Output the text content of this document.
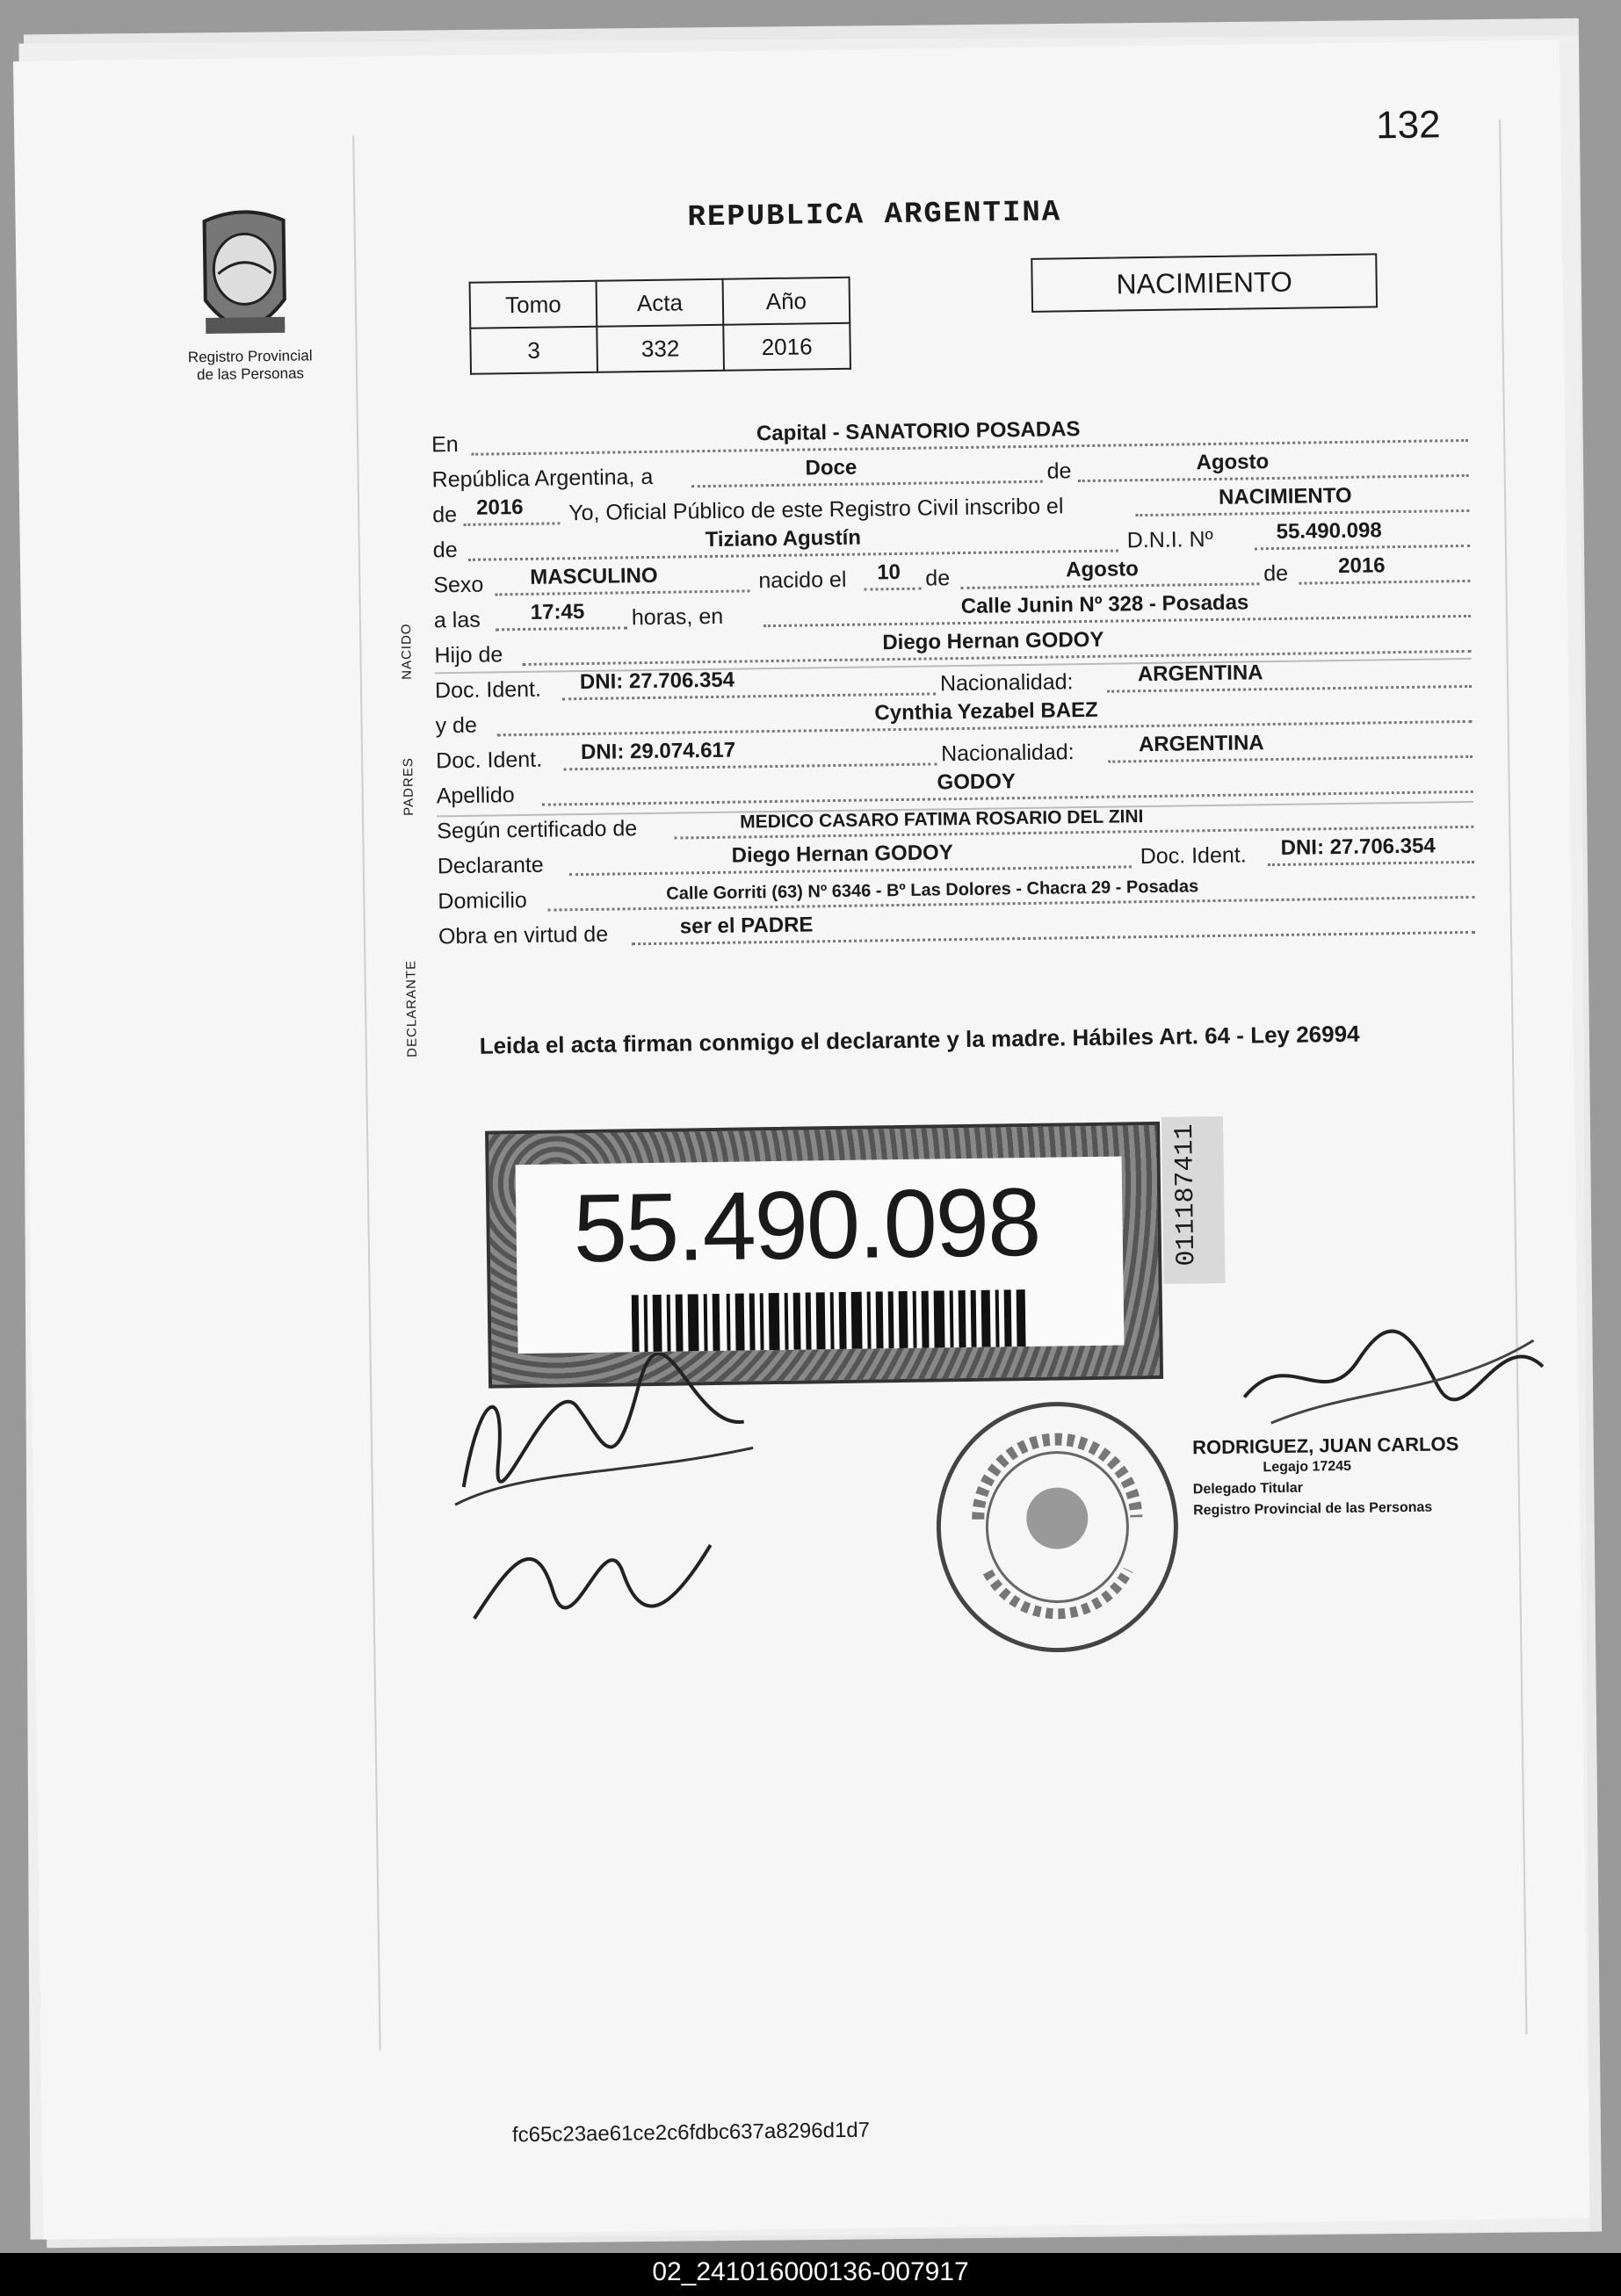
132
Registro Provincial
de las Personas
REPUBLICA ARGENTINA
Tomo	Acta	Año
3	332	2016
NACIMIENTO
En	Capital - SANATORIO POSADAS
República Argentina, a	Doce	de	Agosto
de 2016 Yo, Oficial Público de este Registro Civil inscribo el	NACIMIENTO
de	Tiziano Agustín	D.N.I. Nº	55.490.098
Sexo MASCULINO	nacido el 10 de	Agosto	de 2016
a las 17:45 horas, en	Calle Junin Nº 328 - Posadas
Hijo de
Diego Hernan GODOY
Doc. Ident. DNI: 27.706.354	Nacionalidad:	ARGENTINA
y de
Cynthia Yezabel BAEZ
Doc. Ident. DNI: 29.074.617	Nacionalidad:	ARGENTINA
Apellido
GODOY
Según certificado de	MEDICO CASARO FATIMA ROSARIO DEL ZINI
Declarante	Diego Hernan GODOY	Doc. Ident. DNI: 27.706.354
Domicilio	Calle Gorriti (63) Nº 6346 - Bº Las Dolores - Chacra 29 - Posadas
Obra en virtud de	ser el PADRE
NACIDO
PADRES
DECLARANTE	Leida el acta firman conmigo el declarante y la madre. Hábiles Art. 64 - Ley 26994
55.490.098	011187411
RODRIGUEZ, JUAN CARLOS
Legajo 17245
Delegado Titular
Registro Provincial de las Personas
fc65c23ae61ce2c6fdbc637a8296d1d7
02_241016000136-007917
